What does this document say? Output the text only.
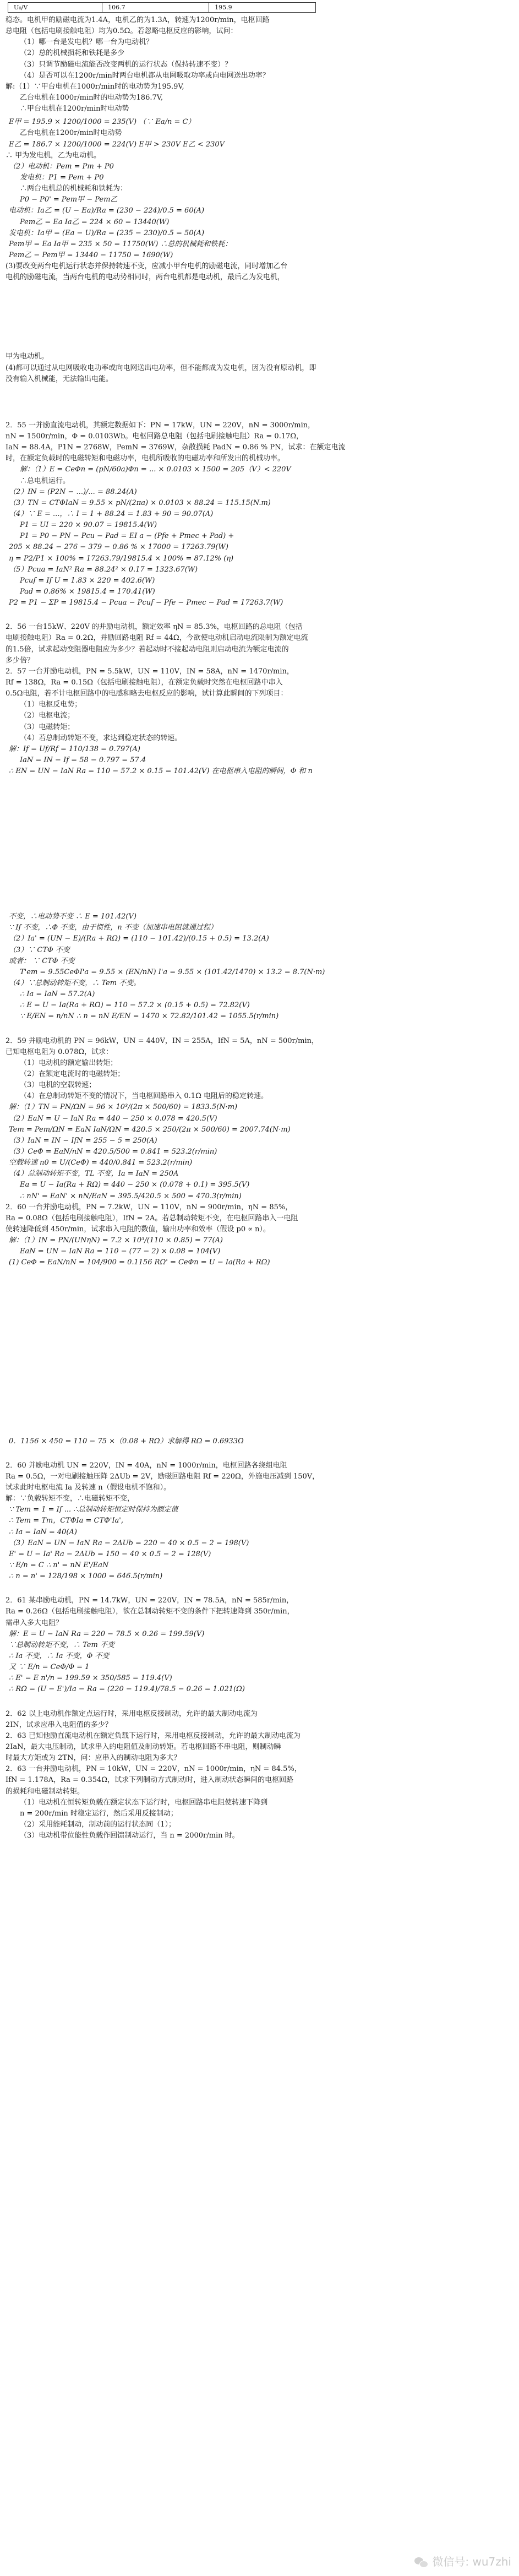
U₀/V	106.7	195.9
稳态。电机甲的励磁电流为1.4A，电机乙的为1.3A，转速为1200r/min，电枢回路
总电阻（包括电刷接触电阻）均为0.5Ω。若忽略电枢反应的影响，试问：
（1）哪一台是发电机？哪一台为电动机？
（2）总的机械损耗和铁耗是多少
（3）只调节励磁电流能否改变两机的运行状态（保持转速不变）？
（4）是否可以在1200r/min时两台电机都从电网吸取功率或向电网送出功率？
解:（1）∵甲台电机在1000r/min时的电动势为195.9V,
乙台电机在1000r/min时的电动势为186.7V,
∴甲台电机在1200r/min时电动势
E甲 = 195.9 × 1200/1000 = 235(V) （∵ Ea/n = C）
乙台电机在1200r/min时电动势
E乙 = 186.7 × 1200/1000 = 224(V) E甲 > 230V E乙 < 230V
∴ 甲为发电机，乙为电动机。
（2）电动机：Pem = Pm + P0
发电机：P1 = Pem + P0
∴两台电机总的机械耗和铁耗为：
P0 − P0' = Pem甲 − Pem乙
电动机：Ia乙 = (U − Ea)/Ra = (230 − 224)/0.5 = 60(A)
Pem乙 = Ea Ia乙 = 224 × 60 = 13440(W)
发电机：Ia甲 = (Ea − U)/Ra = (235 − 230)/0.5 = 50(A)
Pem甲 = Ea Ia甲 = 235 × 50 = 11750(W) ∴总的机械耗和铁耗：
Pem乙 − Pem甲 = 13440 − 11750 = 1690(W)
(3)要改变两台电机运行状态并保持转速不变，应减小甲台电机的励磁电流，同时增加乙台
电机的励磁电流，当两台电机的电动势相同时，两台电机都是电动机，最后乙为发电机，
甲为电动机。
(4)都可以通过从电网吸收电功率或向电网送出电功率，但不能都成为发电机，因为没有原动机，即
没有输入机械能，无法输出电能。
2．55 一并励直流电动机，其额定数据如下：PN = 17kW，UN = 220V，nN = 3000r/min，
nN = 1500r/min，Φ = 0.0103Wb。电枢回路总电阻（包括电刷接触电阻）Ra = 0.17Ω，
IaN = 88.4A，P1N = 2768W，PemN = 3769W，杂散损耗 PadN = 0.86 % PN，试求：在额定电流
时，在额定负载时的电磁转矩和电磁功率，电机所吸收的电磁功率和所发出的机械功率。
解：（1）E = CeΦn = (pN/60a)Φn = ... × 0.0103 × 1500 = 205（V）< 220V
∴总电机运行。
（2）IN = (P2N − ...)/... = 88.24(A)
（3）TN = CTΦIaN = 9.55 × pN/(2πa) × 0.0103 × 88.24 = 115.15(N.m)
（4）∵ E = ...，∴ I = 1 + 88.24 = 1.83 + 90 = 90.07(A)
P1 = UI = 220 × 90.07 = 19815.4(W)
P1 = P0 − PN − Pcu − Pad = EI a − (Pfe + Pmec + Pad) +
205 × 88.24 − 276 − 379 − 0.86 % × 17000 = 17263.79(W)
η = P2/P1 × 100% = 17263.79/19815.4 × 100% = 87.12% (η)
（5）Pcua = IaN² Ra = 88.24² × 0.17 = 1323.67(W)
Pcuf = If U = 1.83 × 220 = 402.6(W)
Pad = 0.86% × 19815.4 = 170.41(W)
P2 = P1 − ΣP = 19815.4 − Pcua − Pcuf − Pfe − Pmec − Pad = 17263.7(W)
2．56 一台15kW、220V 的并励电动机，额定效率 ηN = 85.3%，电枢回路的总电阻（包括
电刷接触电阻）Ra = 0.2Ω，并励回路电阻 Rf = 44Ω，今欲使电动机启动电流限制为额定电流
的1.5倍，试求起动变阻器电阻应为多少？若起动时不接起动电阻则启动电流为额定电流的
多少倍？
2．57 一台并励电动机，PN = 5.5kW，UN = 110V，IN = 58A，nN = 1470r/min，
Rf = 138Ω，Ra = 0.15Ω（包括电刷接触电阻），在额定负载时突然在电枢回路中串入
0.5Ω电阻，若不计电枢回路中的电感和略去电枢反应的影响，试计算此瞬间的下列项目：
（1）电枢反电势；
（2）电枢电流；
（3）电磁转矩；
（4）若总制动转矩不变，求达到稳定状态的转速。
解：If = Uf/Rf = 110/138 = 0.797(A)
IaN = IN − If = 58 − 0.797 = 57.4
∴ EN = UN − IaN Ra = 110 − 57.2 × 0.15 = 101.42(V) 在电枢串入电阻的瞬间，Φ 和 n
不变，∴电动势不变 ∴ E = 101.42(V)
∵ If 不变，∴Φ 不变，由于惯性，n 不变（加速串电阻就通过程）
（2）Ia' = (UN − E)/(Ra + RΩ) = (110 − 101.42)/(0.15 + 0.5) = 13.2(A)
（3）∵ CTΦ 不变
或者： ∵ CTΦ 不变
T'em = 9.55CeΦI'a = 9.55 × (EN/nN) I'a = 9.55 × (101.42/1470) × 13.2 = 8.7(N·m)
（4）∵总制动转矩不变，∴ Tem 不变。
∴ Ia = IaN = 57.2(A)
∴ E = U − Ia(Ra + RΩ) = 110 − 57.2 × (0.15 + 0.5) = 72.82(V)
∵ E/EN = n/nN ∴ n = nN E/EN = 1470 × 72.82/101.42 = 1055.5(r/min)
2．59 并励电动机的 PN = 96kW，UN = 440V，IN = 255A，IfN = 5A，nN = 500r/min，
已知电枢电阻为 0.078Ω，试求：
（1）电动机的额定输出转矩；
（2）在额定电流时的电磁转矩；
（3）电机的空载转速；
（4）在总制动转矩不变的情况下，当电枢回路串入 0.1Ω 电阻后的稳定转速。
解：（1）TN = PN/ΩN = 96 × 10³/(2π × 500/60) = 1833.5(N·m)
（2）EaN = U − IaN Ra = 440 − 250 × 0.078 = 420.5(V)
Tem = Pem/ΩN = EaN IaN/ΩN = 420.5 × 250/(2π × 500/60) = 2007.74(N·m)
（3）IaN = IN − IfN = 255 − 5 = 250(A)
（3）CeΦ = EaN/nN = 420.5/500 = 0.841 = 523.2(r/min)
空载转速 n0 = U/(CeΦ) = 440/0.841 = 523.2(r/min)
（4）总制动转矩不变，TL 不变，Ia = IaN = 250A
Ea = U − Ia(Ra + RΩ) = 440 − 250 × (0.078 + 0.1) = 395.5(V)
∴ nN' = EaN' × nN/EaN = 395.5/420.5 × 500 = 470.3(r/min)
2．60 一台并励电动机，PN = 7.2kW，UN = 110V，nN = 900r/min，ηN = 85%，
Ra = 0.08Ω（包括电刷接触电阻），IfN = 2A。若总制动转矩不变，在电枢回路串入一电阻
使转速降低到 450r/min，试求串入电阻的数值，输出功率和效率（假设 p0 ∝ n）。
解：（1）IN = PN/(UNηN) = 7.2 × 10³/(110 × 0.85) = 77(A)
EaN = UN − IaN Ra = 110 − (77 − 2) × 0.08 = 104(V)
(1) CeΦ = EaN/nN = 104/900 = 0.1156 RΩ' = CeΦn = U − Ia(Ra + RΩ)
0．1156 × 450 = 110 − 75 ×（0.08 + RΩ）求解得 RΩ = 0.6933Ω
2．60 并励电动机 UN = 220V，IN = 40A，nN = 1000r/min，电枢回路各绕组电阻
Ra = 0.5Ω，一对电刷接触压降 2ΔUb = 2V，励磁回路电阻 Rf = 220Ω，外施电压减到 150V，
试求此时电枢电流 Ia 及转速 n（假设电机不饱和）。
解：∵负载转矩不变，∴电磁转矩不变，
∵ Tem = 1 = If ... ∴总制动转矩恒定时保持为额定值
∴ Tem = Tm，CTΦIa = CTΦ'Ia',
∴ Ia = IaN = 40(A)
（3）EaN = UN − IaN Ra − 2ΔUb = 220 − 40 × 0.5 − 2 = 198(V)
E' = U − Ia' Ra − 2ΔUb = 150 − 40 × 0.5 − 2 = 128(V)
∵ E/n = C ∴ n' = nN E'/EaN
∴ n = n' = 128/198 × 1000 = 646.5(r/min)
2．61 某串励电动机，PN = 14.7kW，UN = 220V，IN = 78.5A，nN = 585r/min，
Ra = 0.26Ω（包括电刷接触电阻），欲在总制动转矩不变的条件下把转速降到 350r/min，
需串入多大电阻？
解：E = U − IaN Ra = 220 − 78.5 × 0.26 = 199.59(V)
∵总制动转矩不变，∴ Tem 不变
∴ Ia 不变，∴ Ia 不变，Φ 不变
又 ∵ E/n = CeΦ/Φ = 1
∴ E' = E n'/n = 199.59 × 350/585 = 119.4(V)
∴ RΩ = (U − E')/Ia − Ra = (220 − 119.4)/78.5 − 0.26 = 1.021(Ω)
2．62 以上电动机作额定点运行时，采用电枢反接制动，允许的最大制动电流为
2IN，试求应串入电阻值的多少？
2．63 已知他励直流电动机在额定负载下运行时，采用电枢反接制动，允许的最大制动电流为
2IaN，最大电压制动，试求串入的电阻值及制动转矩。若电枢回路不串电阻，则制动瞬
时最大方矩或为 2TN，问：应串入的制动电阻为多大？
2．63 一台并励电动机，PN = 10kW，UN = 220V，nN = 1000r/min，ηN = 84.5%，
IfN = 1.178A，Ra = 0.354Ω，试求下列制动方式制动时，进入制动状态瞬间的电枢回路
的损耗和电磁制动转矩。
（1）电动机在恒转矩负载在额定状态下运行时，电枢回路串电阻使转速下降到
n = 200r/min 时稳定运行，然后采用反接制动；
（2）采用能耗制动，制动前的运行状态同（1）；
（3）电动机带位能性负载作回馈制动运行，当 n = 2000r/min 时。
微信号: wu7zhi
